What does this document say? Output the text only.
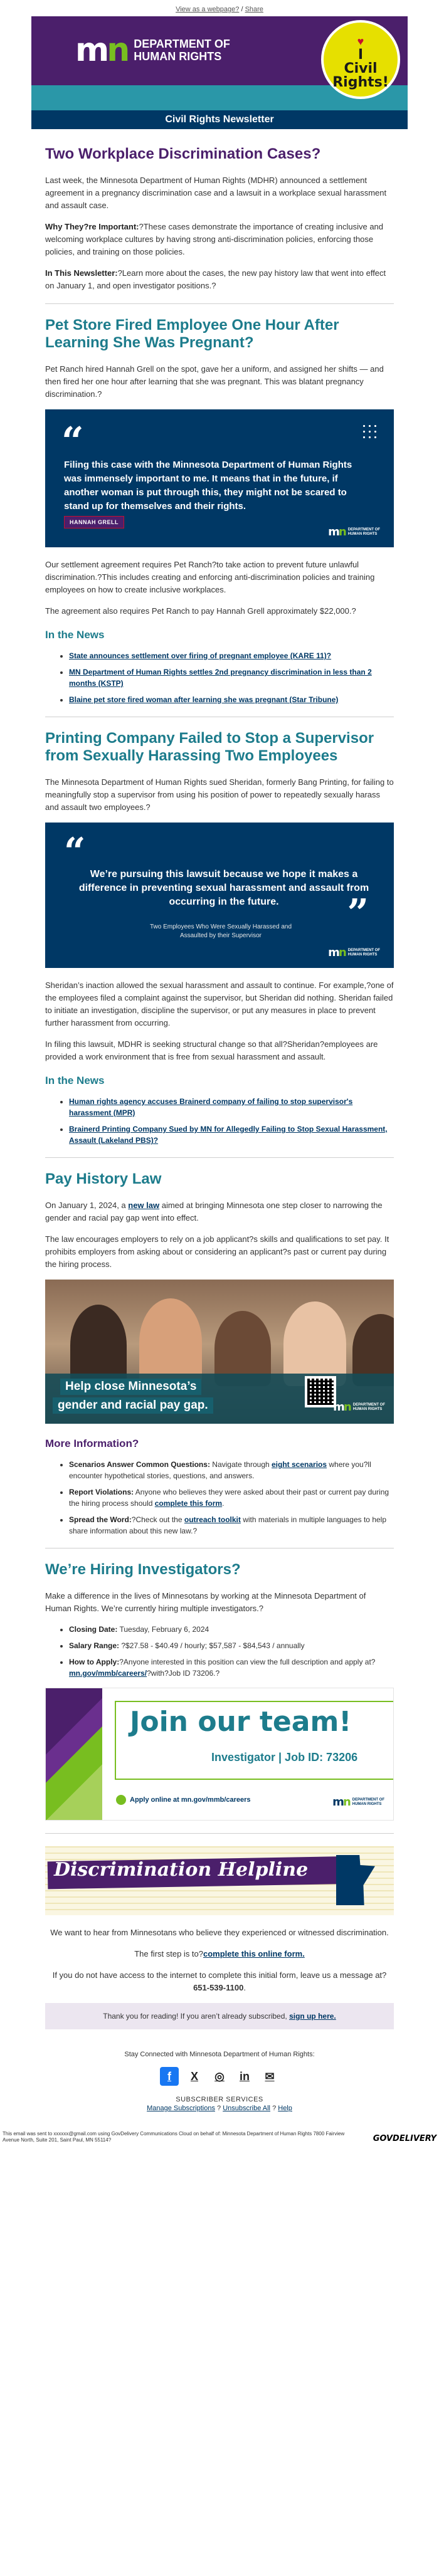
View as a webpage? / Share
mn DEPARTMENT OF
HUMAN RIGHTS
♥
I
Civil
Rights!
Civil Rights Newsletter
Two Workplace Discrimination Cases?

Last week, the Minnesota Department of Human Rights (MDHR) announced a settlement agreement in a pregnancy discrimination case and a lawsuit in a workplace sexual harassment and assault case.

Why They?re Important:?These cases demonstrate the importance of creating inclusive and welcoming workplace cultures by having strong anti-discrimination policies, enforcing those policies, and training on those policies.

In This Newsletter:?Learn more about the cases, the new pay history law that went into effect on January 1, and open investigator positions.?

Pet Store Fired Employee One Hour After Learning She Was Pregnant?

Pet Ranch hired Hannah Grell on the spot, gave her a uniform, and assigned her shifts — and then fired her one hour after learning that she was pregnant. This was blatant pregnancy discrimination.?

“
Filing this case with the Minnesota Department of Human Rights was immensely important to me. It means that in the future, if another woman is put through this, they might not be scared to stand up for themselves and their rights.
HANNAH GRELL
mn DEPARTMENT OF
HUMAN RIGHTS

Our settlement agreement requires Pet Ranch?to take action to prevent future unlawful discrimination.?This includes creating and enforcing anti-discrimination policies and training employees on how to create inclusive workplaces.

The agreement also requires Pet Ranch to pay Hannah Grell approximately $22,000.?

In the News
• State announces settlement over firing of pregnant employee (KARE 11)?
• MN Department of Human Rights settles 2nd pregnancy discrimination in less than 2 months (KSTP)
• Blaine pet store fired woman after learning she was pregnant (Star Tribune)
Printing Company Failed to Stop a Supervisor from Sexually Harassing Two Employees

The Minnesota Department of Human Rights sued Sheridan, formerly Bang Printing, for failing to meaningfully stop a supervisor from using his position of power to repeatedly sexually harass and assault two employees.?

“
We’re pursuing this lawsuit because we hope it makes a difference in preventing sexual harassment and assault from occurring in the future.	”
Two Employees Who Were Sexually Harassed and Assaulted by their Supervisor
mn DEPARTMENT OF
HUMAN RIGHTS

Sheridan’s inaction allowed the sexual harassment and assault to continue. For example,?one of the employees filed a complaint against the supervisor, but Sheridan did nothing. Sheridan failed to initiate an investigation, discipline the supervisor, or put any measures in place to prevent further harassment from occurring.

In filing this lawsuit, MDHR is seeking structural change so that all?Sheridan?employees are provided a work environment that is free from sexual harassment and assault.

In the News
• Human rights agency accuses Brainerd company of failing to stop supervisor's harassment (MPR)
• Brainerd Printing Company Sued by MN for Allegedly Failing to Stop Sexual Harassment, Assault (Lakeland PBS)?
Pay History Law

On January 1, 2024, a new law aimed at bringing Minnesota one step closer to narrowing the gender and racial pay gap went into effect.

The law encourages employers to rely on a job applicant?s skills and qualifications to set pay. It prohibits employers from asking about or considering an applicant?s past or current pay during the hiring process.

Help close Minnesota’s
gender and racial pay gap.	mn DEPARTMENT OF
HUMAN RIGHTS
More Information?
• Scenarios Answer Common Questions: Navigate through eight scenarios where you?ll encounter hypothetical stories, questions, and answers.
• Report Violations: Anyone who believes they were asked about their past or current pay during the hiring process should complete this form.
• Spread the Word:?Check out the outreach toolkit with materials in multiple languages to help share information about this new law.?
We’re Hiring Investigators?

Make a difference in the lives of Minnesotans by working at the Minnesota Department of Human Rights. We’re currently hiring multiple investigators.?

• Closing Date: Tuesday, February 6, 2024
• Salary Range: ?$27.58 - $40.49 / hourly; $57,587 - $84,543 / annually
• How to Apply:?Anyone interested in this position can view the full description and apply at?mn.gov/mmb/careers/?with?Job ID 73206.?
Join our team!
Investigator | Job ID: 73206
Apply online at mn.gov/mmb/careers	mn DEPARTMENT OF
HUMAN RIGHTS
Discrimination Helpline

We want to hear from Minnesotans who believe they experienced or witnessed discrimination.

The first step is to?complete this online form.

If you do not have access to the internet to complete this initial form, leave us a message at?651-539-1100.

Thank you for reading! If you aren’t already subscribed, sign up here.
Stay Connected with Minnesota Department of Human Rights:
f	X	◎	in	✉
SUBSCRIBER SERVICES
Manage Subscriptions ? Unsubscribe All ? Help
This email was sent to xxxxxx@gmail.com using GovDelivery Communications Cloud on behalf of: Minnesota Department of Human Rights 7800 Fairview Avenue North, Suite 201, Saint Paul, MN 55114?	GOVDELIVERY
